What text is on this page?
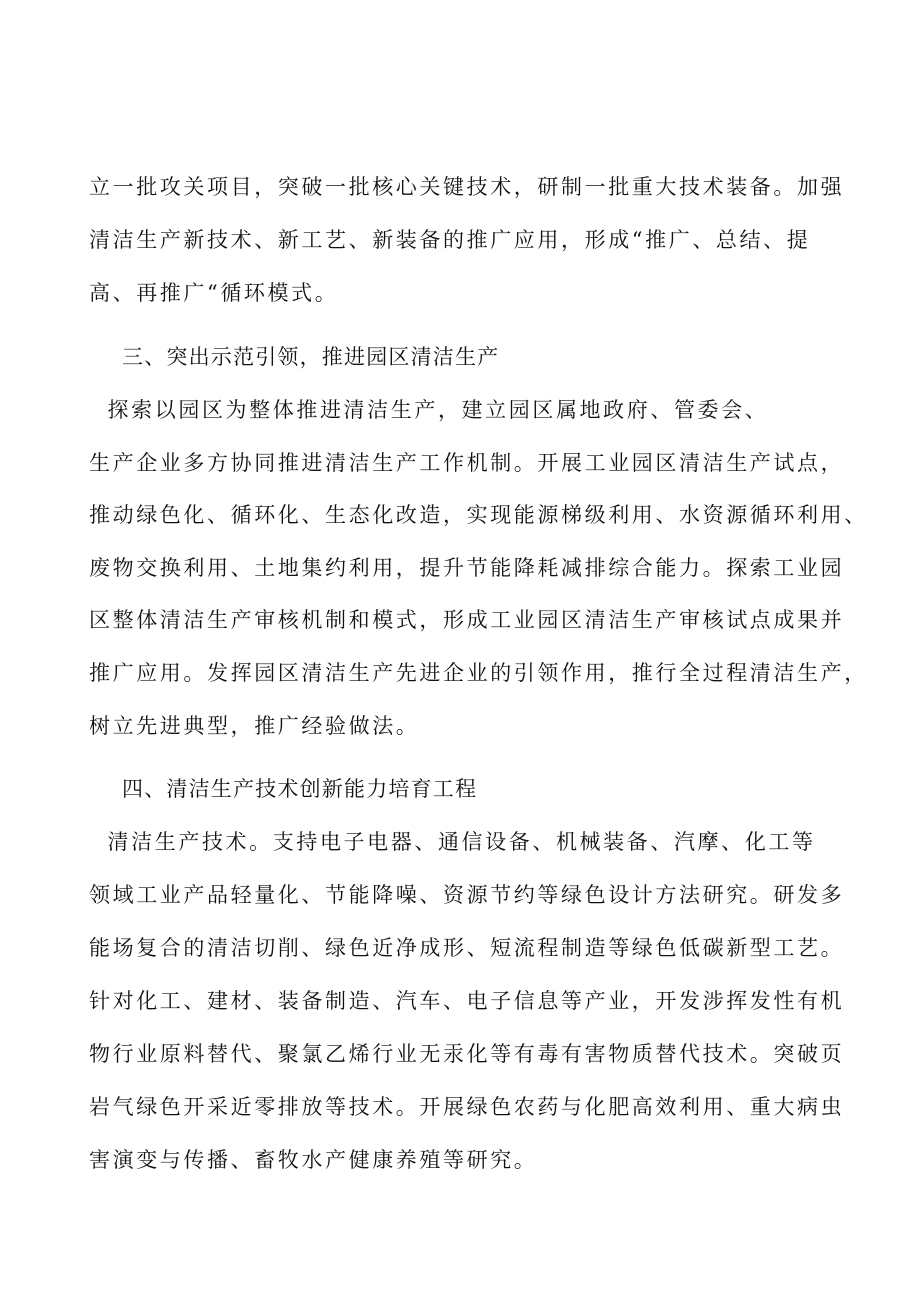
立一批攻关项目，突破一批核心关键技术，研制一批重大技术装备。加强
清洁生产新技术、新工艺、新装备的推广应用，形成“推广、总结、提
高、再推广“循环模式。
三、突出示范引领，推进园区清洁生产
探索以园区为整体推进清洁生产，建立园区属地政府、管委会、
生产企业多方协同推进清洁生产工作机制。开展工业园区清洁生产试点，
推动绿色化、循环化、生态化改造，实现能源梯级利用、水资源循环利用、
废物交换利用、土地集约利用，提升节能降耗减排综合能力。探索工业园
区整体清洁生产审核机制和模式，形成工业园区清洁生产审核试点成果并
推广应用。发挥园区清洁生产先进企业的引领作用，推行全过程清洁生产，
树立先进典型，推广经验做法。
四、清洁生产技术创新能力培育工程
清洁生产技术。支持电子电器、通信设备、机械装备、汽摩、化工等
领域工业产品轻量化、节能降噪、资源节约等绿色设计方法研究。研发多
能场复合的清洁切削、绿色近净成形、短流程制造等绿色低碳新型工艺。
针对化工、建材、装备制造、汽车、电子信息等产业，开发涉挥发性有机
物行业原料替代、聚氯乙烯行业无汞化等有毒有害物质替代技术。突破页
岩气绿色开采近零排放等技术。开展绿色农药与化肥高效利用、重大病虫
害演变与传播、畜牧水产健康养殖等研究。
